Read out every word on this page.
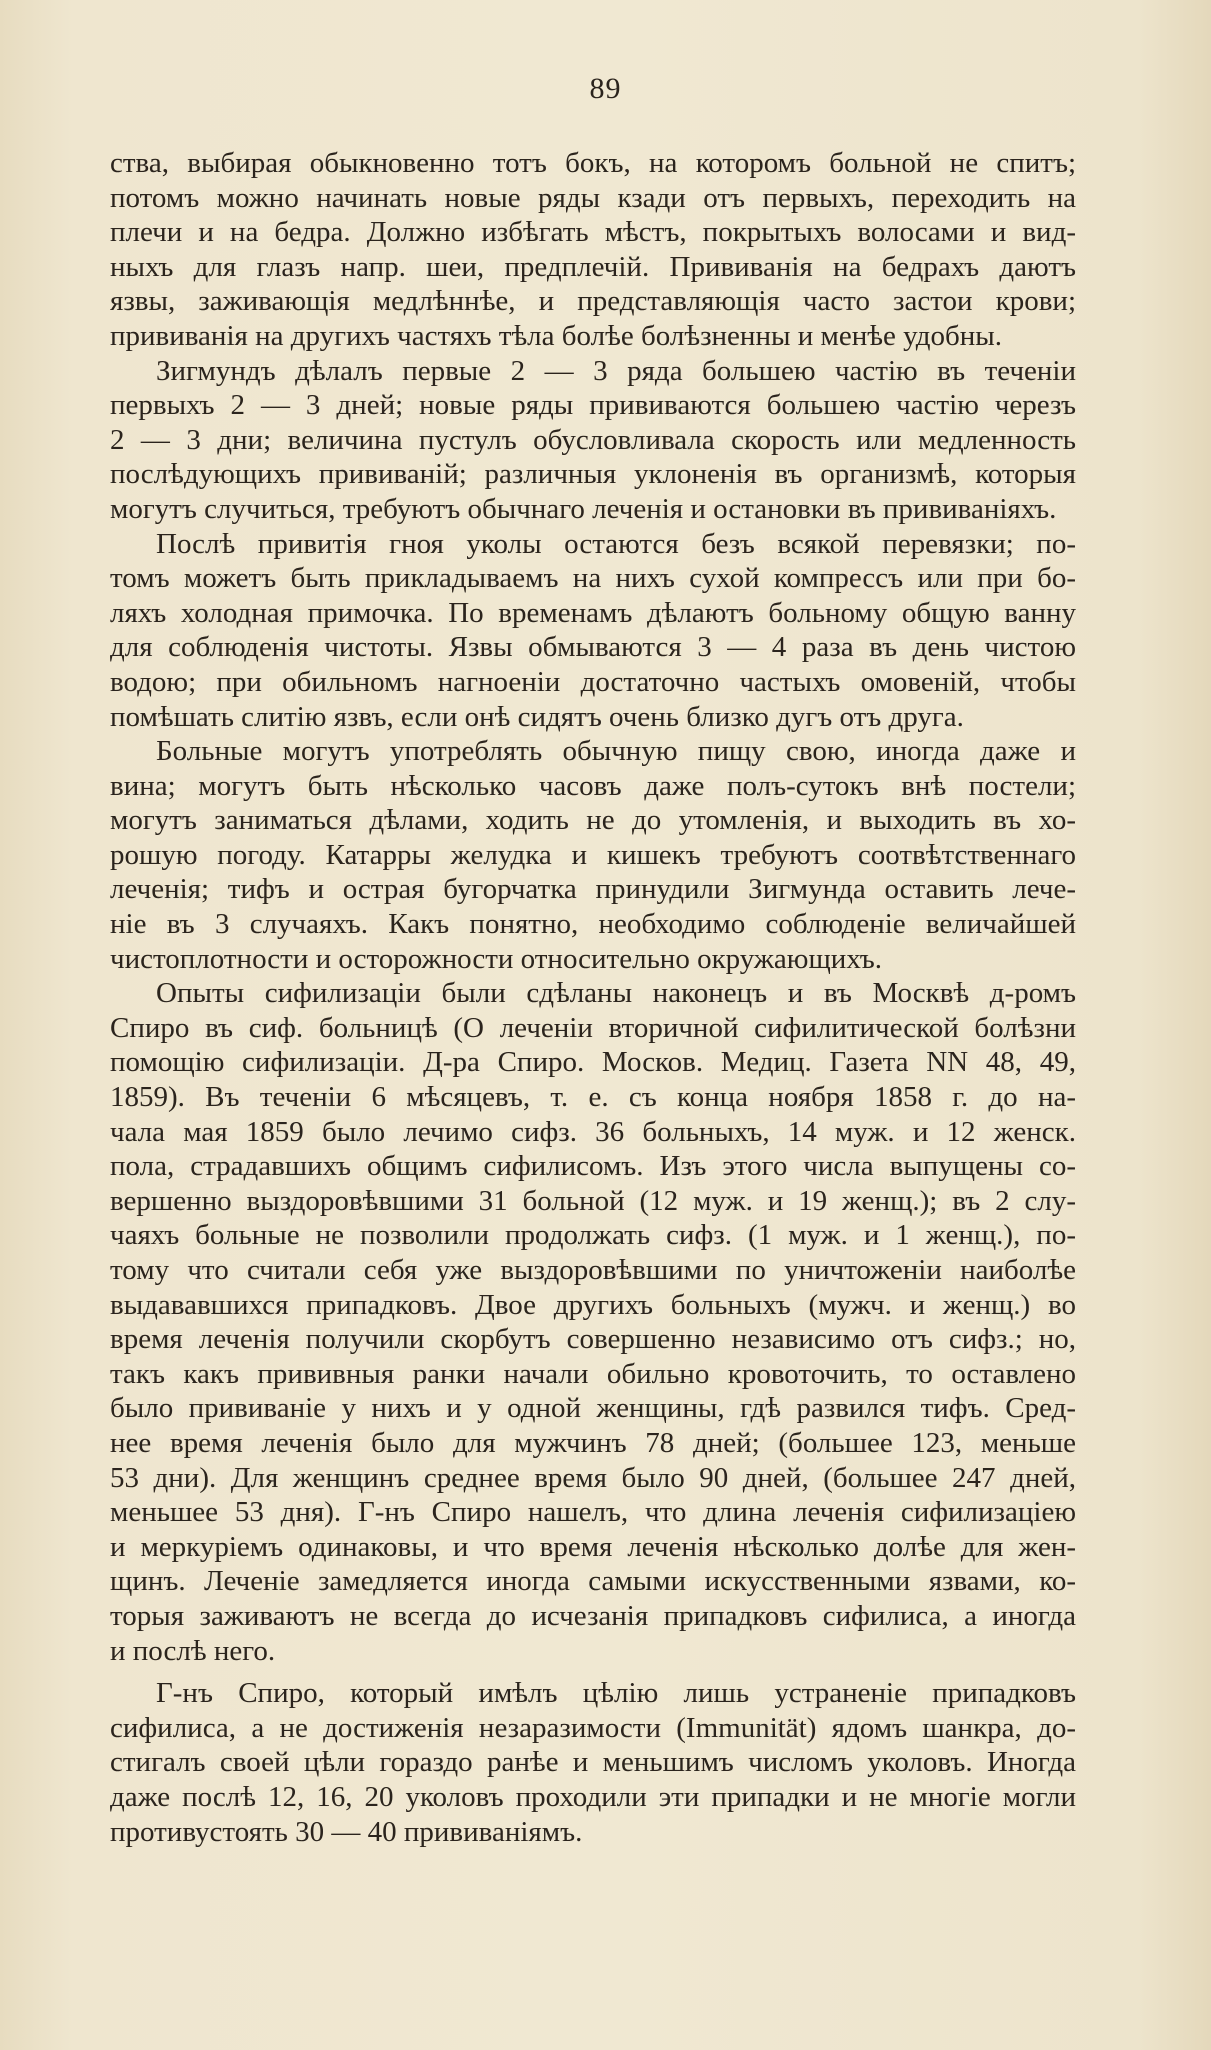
89
ства, выбирая обыкновенно тотъ бокъ, на которомъ больной не спитъ;
потомъ можно начинать новые ряды кзади отъ первыхъ, переходить на
плечи и на бедра. Должно избѣгать мѣстъ, покрытыхъ волосами и вид-
ныхъ для глазъ напр. шеи, предплечій. Прививанія на бедрахъ даютъ
язвы, заживающія медлѣннѣе, и представляющія часто застои крови;
прививанія на другихъ частяхъ тѣла болѣе болѣзненны и менѣе удобны.
Зигмундъ дѣлалъ первые 2 — 3 ряда большею частію въ теченіи
первыхъ 2 — 3 дней; новые ряды прививаются большею частію черезъ
2 — 3 дни; величина пустулъ обусловливала скорость или медленность
послѣдующихъ прививаній; различныя уклоненія въ организмѣ, которыя
могутъ случиться, требуютъ обычнаго леченія и остановки въ прививаніяхъ.
Послѣ привитія гноя уколы остаются безъ всякой перевязки; по-
томъ можетъ быть прикладываемъ на нихъ сухой компрессъ или при бо-
ляхъ холодная примочка. По временамъ дѣлаютъ больному общую ванну
для соблюденія чистоты. Язвы обмываются 3 — 4 раза въ день чистою
водою; при обильномъ нагноеніи достаточно частыхъ омовеній, чтобы
помѣшать слитію язвъ, если онѣ сидятъ очень близко дугъ отъ друга.
Больные могутъ употреблять обычную пищу свою, иногда даже и
вина; могутъ быть нѣсколько часовъ даже полъ-сутокъ внѣ постели;
могутъ заниматься дѣлами, ходить не до утомленія, и выходить въ хо-
рошую погоду. Катарры желудка и кишекъ требуютъ соотвѣтственнаго
леченія; тифъ и острая бугорчатка принудили Зигмунда оставить лече-
ніе въ 3 случаяхъ. Какъ понятно, необходимо соблюденіе величайшей
чистоплотности и осторожности относительно окружающихъ.
Опыты сифилизаціи были сдѣланы наконецъ и въ Москвѣ д-ромъ
Спиро въ сиф. больницѣ (О леченіи вторичной сифилитической болѣзни
помощію сифилизаціи. Д-ра Спиро. Москов. Медиц. Газета NN 48, 49,
1859). Въ теченіи 6 мѣсяцевъ, т. е. съ конца ноября 1858 г. до на-
чала мая 1859 было лечимо сифз. 36 больныхъ, 14 муж. и 12 женск.
пола, страдавшихъ общимъ сифилисомъ. Изъ этого числа выпущены со-
вершенно выздоровѣвшими 31 больной (12 муж. и 19 женщ.); въ 2 слу-
чаяхъ больные не позволили продолжать сифз. (1 муж. и 1 женщ.), по-
тому что считали себя уже выздоровѣвшими по уничтоженіи наиболѣе
выдававшихся припадковъ. Двое другихъ больныхъ (мужч. и женщ.) во
время леченія получили скорбутъ совершенно независимо отъ сифз.; но,
такъ какъ прививныя ранки начали обильно кровоточить, то оставлено
было прививаніе у нихъ и у одной женщины, гдѣ развился тифъ. Сред-
нее время леченія было для мужчинъ 78 дней; (большее 123, меньше
53 дни). Для женщинъ среднее время было 90 дней, (большее 247 дней,
меньшее 53 дня). Г-нъ Спиро нашелъ, что длина леченія сифилизаціею
и меркуріемъ одинаковы, и что время леченія нѣсколько долѣе для жен-
щинъ. Леченіе замедляется иногда самыми искусственными язвами, ко-
торыя заживаютъ не всегда до исчезанія припадковъ сифилиса, а иногда
и послѣ него.
Г-нъ Спиро, который имѣлъ цѣлію лишь устраненіе припадковъ
сифилиса, а не достиженія незаразимости (Immunität) ядомъ шанкра, до-
стигалъ своей цѣли гораздо ранѣе и меньшимъ числомъ уколовъ. Иногда
даже послѣ 12, 16, 20 уколовъ проходили эти припадки и не многіе могли
противустоять 30 — 40 прививаніямъ.
